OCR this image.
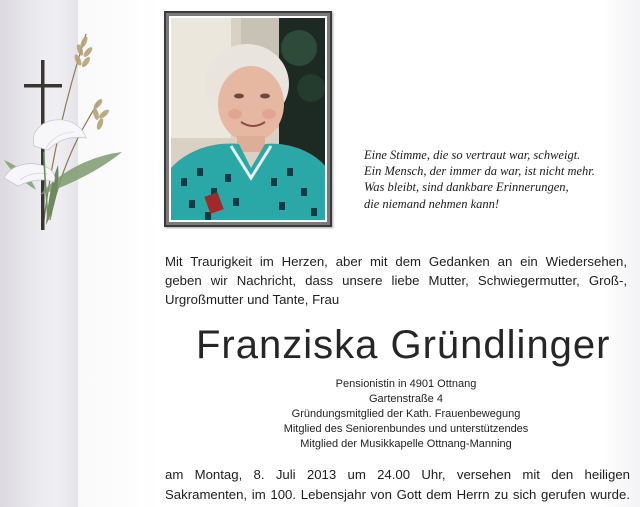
Eine Stimme, die so vertraut war, schweigt.
Ein Mensch, der immer da war, ist nicht mehr.
Was bleibt, sind dankbare Erinnerungen,
die niemand nehmen kann!
Mit Traurigkeit im Herzen, aber mit dem Gedanken an ein Wiedersehen,
geben wir Nachricht, dass unsere liebe Mutter, Schwiegermutter, Groß-,
Urgroßmutter und Tante, Frau
Franziska Gründlinger
Pensionistin in 4901 Ottnang
Gartenstraße 4
Gründungsmitglied der Kath. Frauenbewegung
Mitglied des Seniorenbundes und unterstützendes
Mitglied der Musikkapelle Ottnang-Manning
am Montag, 8. Juli 2013 um 24.00 Uhr, versehen mit den heiligen
Sakramenten, im 100. Lebensjahr von Gott dem Herrn zu sich gerufen wurde.
